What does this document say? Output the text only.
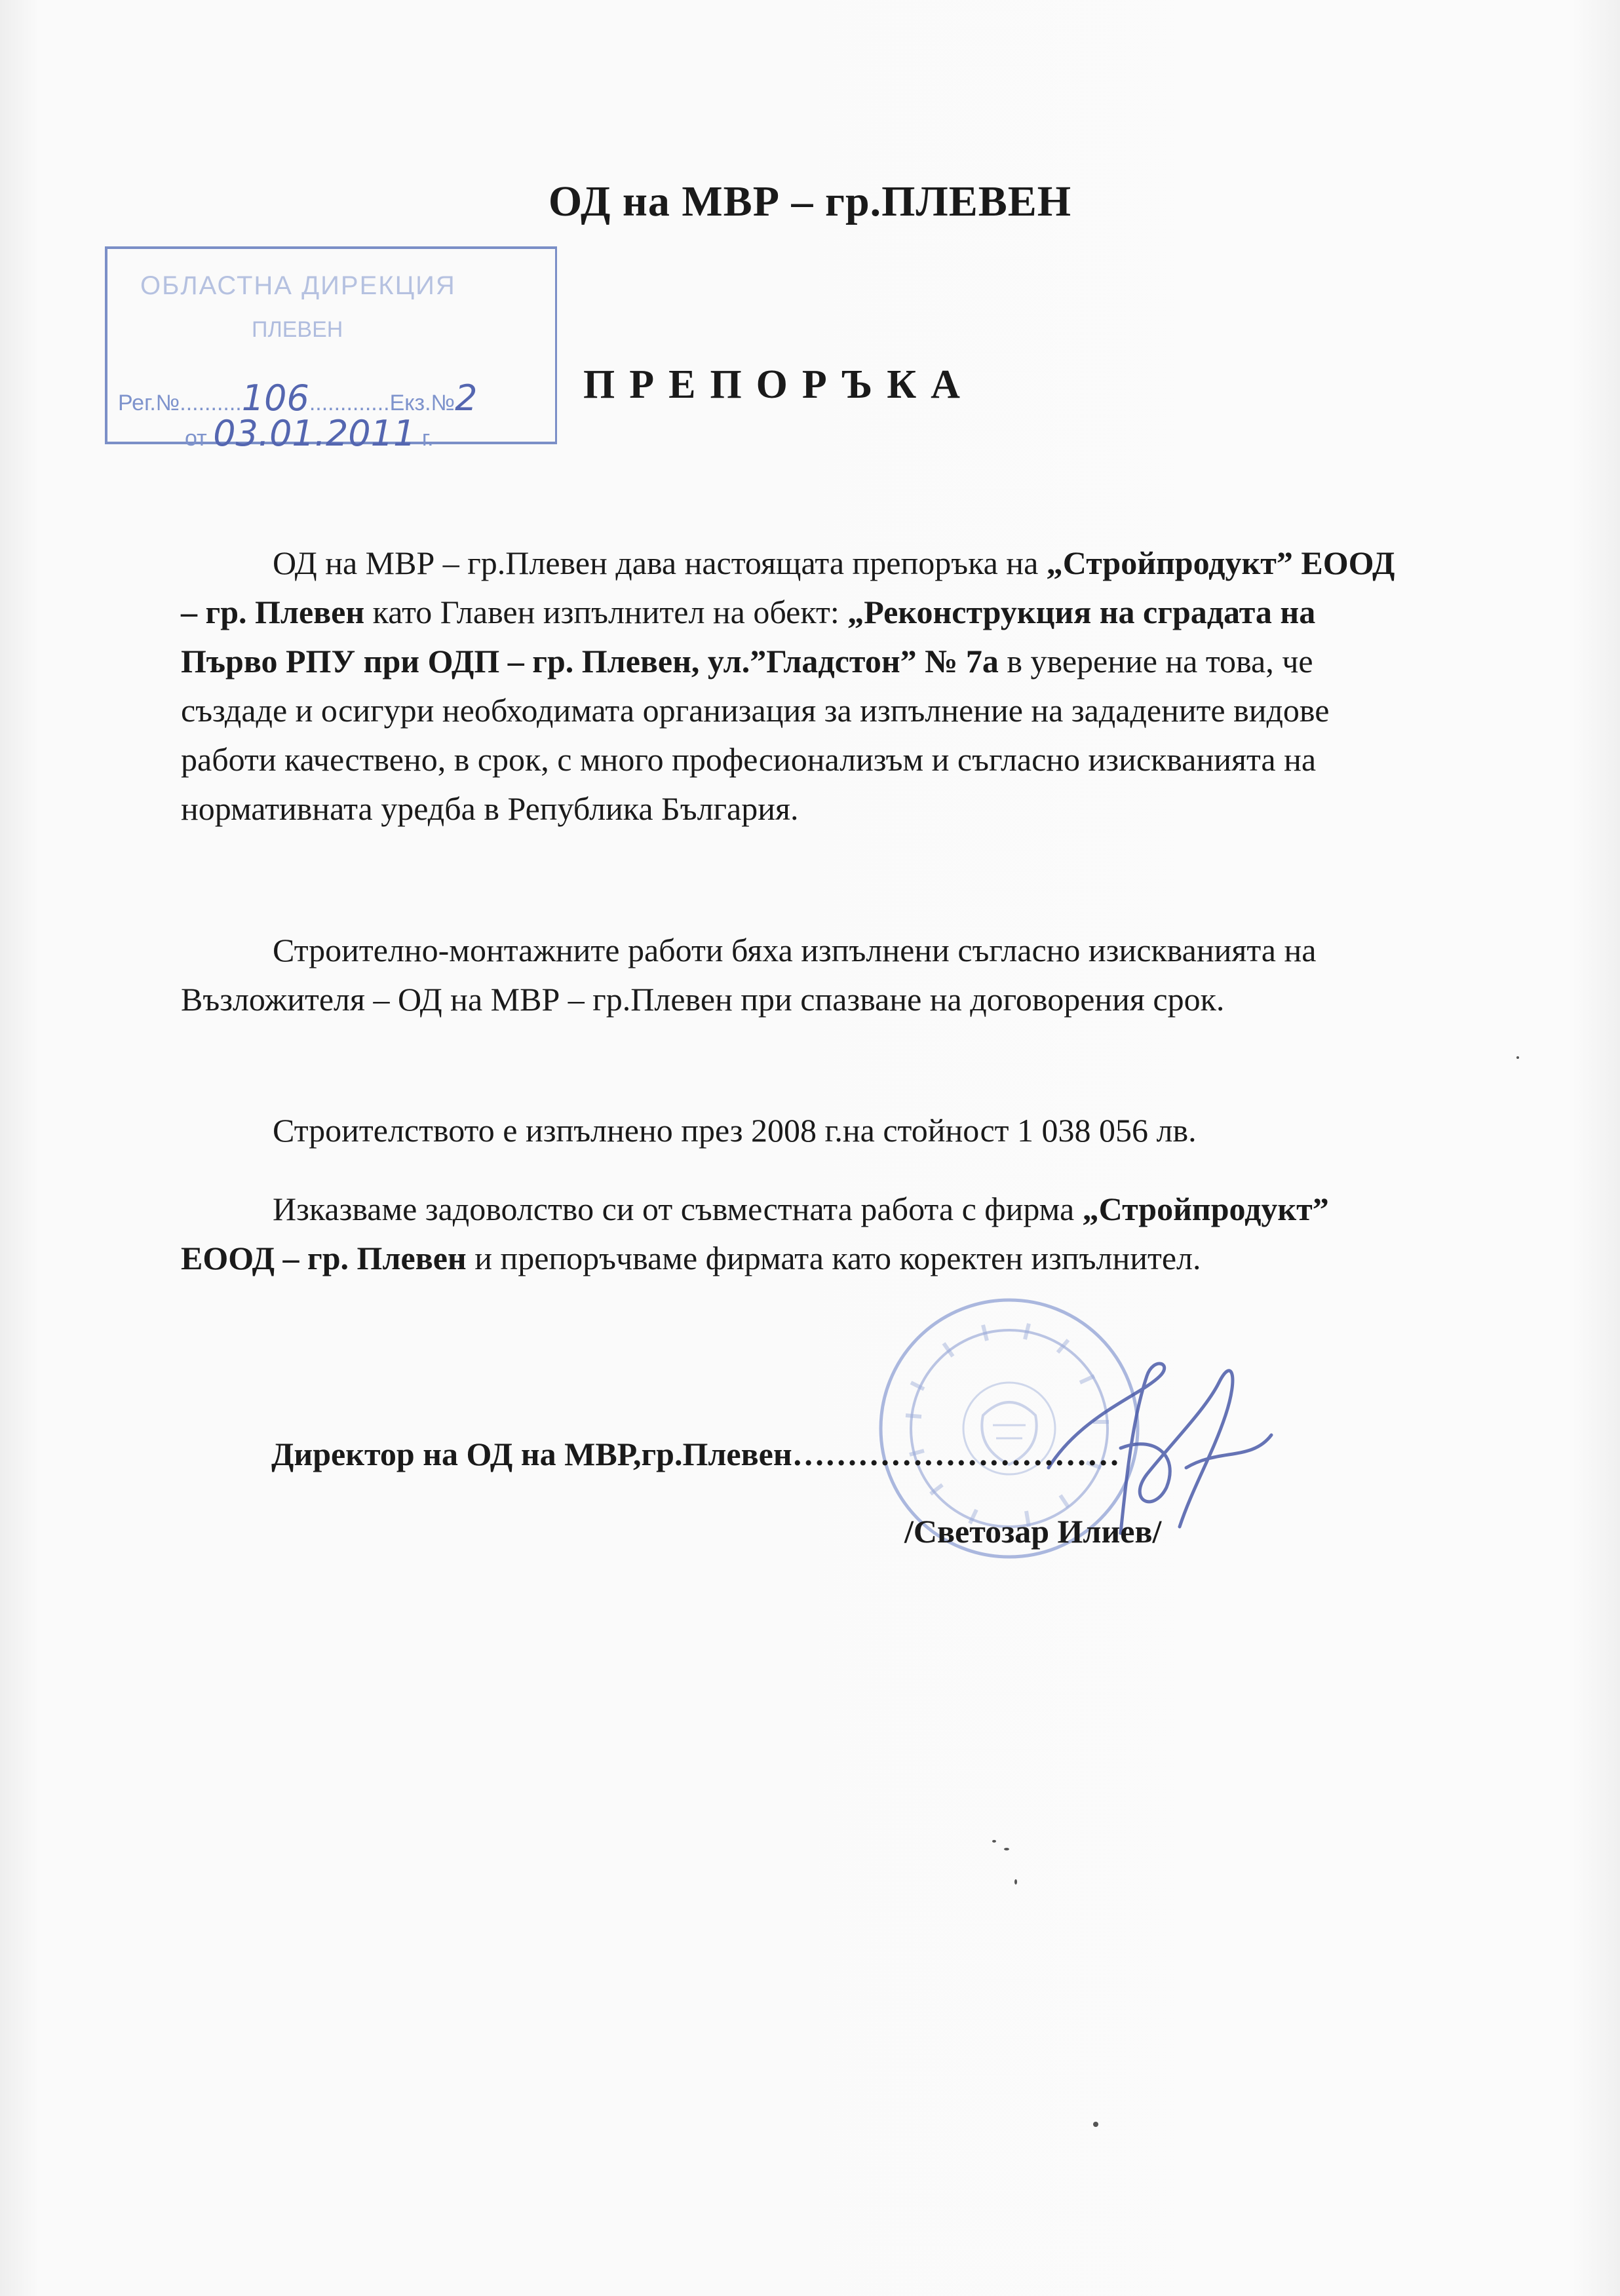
ОД на МВР – гр.ПЛЕВЕН
ОБЛАСТНА ДИРЕКЦИЯ
ПЛЕВЕН
Рег.№..........106.............Екз.№2
от 03.01.2011 г.
ПРЕПОРЪКА

ОД на МВР – гр.Плевен дава настоящата препоръка на „Стройпродукт” ЕООД – гр. Плевен като Главен изпълнител на обект: „Реконструкция на сградата на Първо РПУ при ОДП – гр. Плевен, ул.”Гладстон” № 7а в уверение на това, че създаде и осигури необходимата организация за изпълнение на зададените видове работи качествено, в срок, с много професионализъм и съгласно изискванията на нормативната уредба в Република България.

Строително-монтажните работи бяха изпълнени съгласно изискванията на Възложителя – ОД на МВР – гр.Плевен при спазване на договорения срок.

Строителството е изпълнено през 2008 г.на стойност 1 038 056 лв.

Изказваме задоволство си от съвместната работа с фирма „Стройпродукт” ЕООД – гр. Плевен и препоръчваме фирмата като коректен изпълнител.

Директор на ОД на МВР,гр.Плевен…………………………
/Светозар Илиев/
